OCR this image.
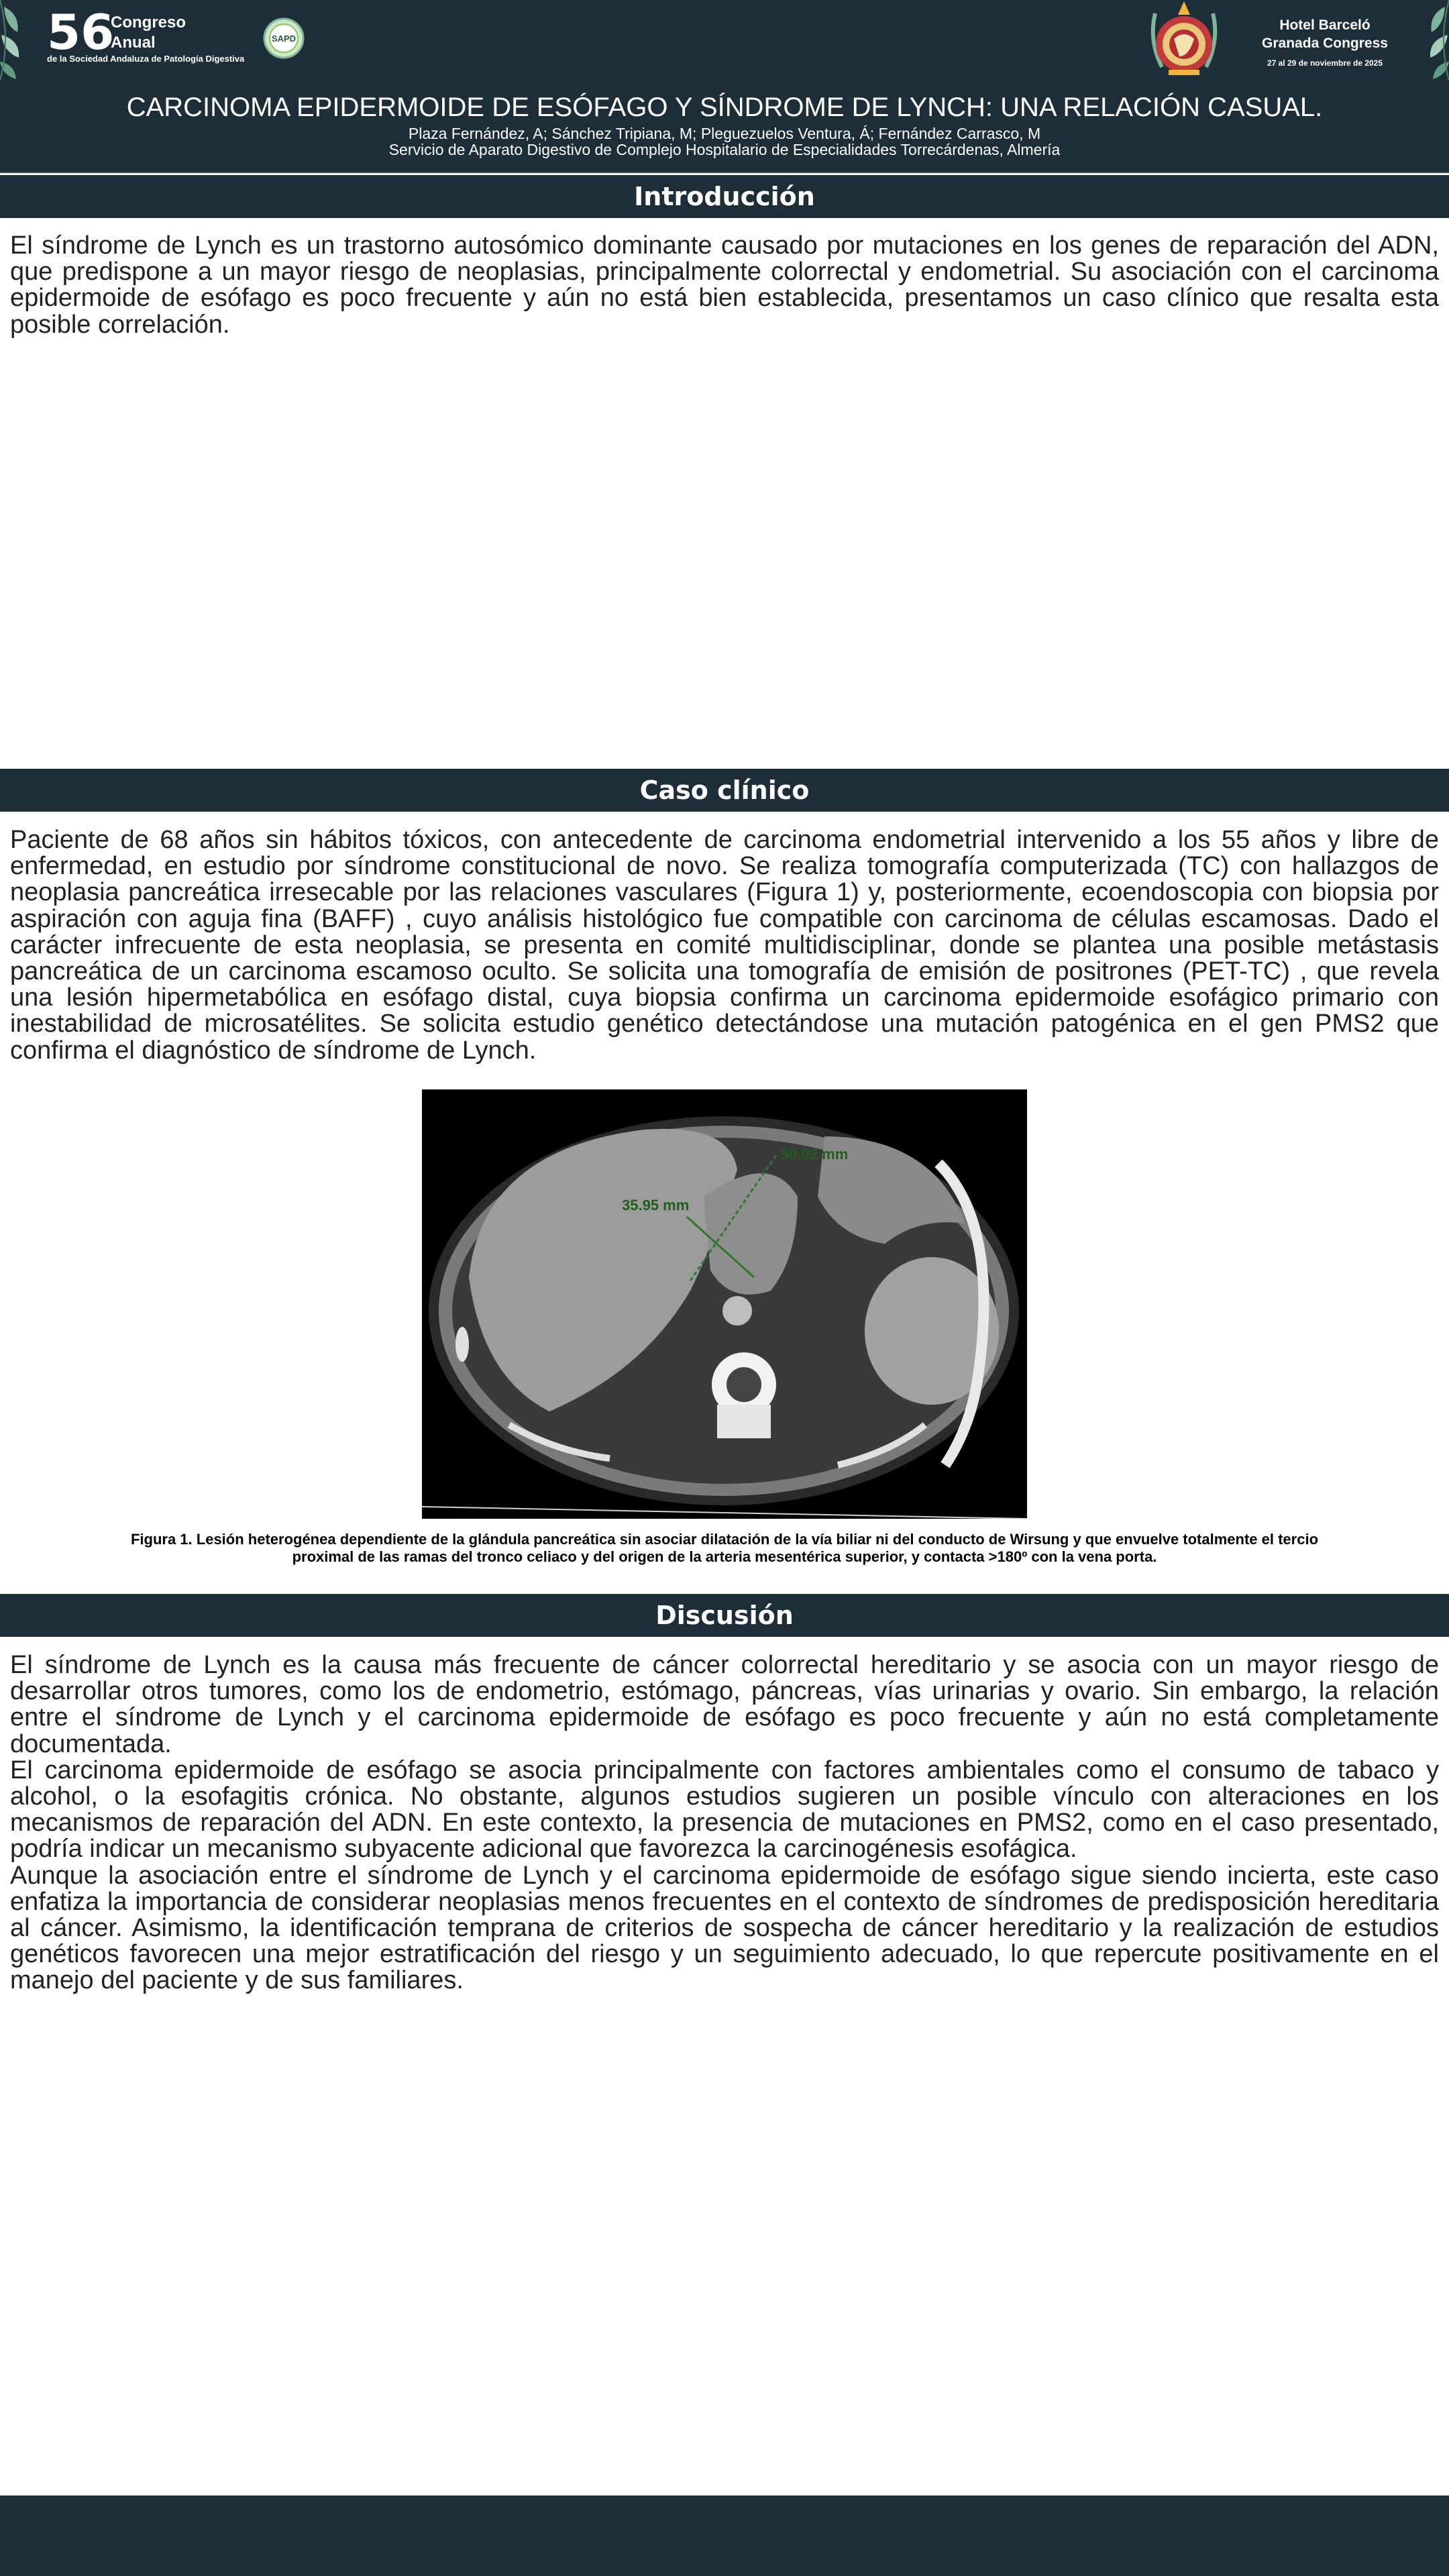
56
Congreso
Anual
de la Sociedad Andaluza de Patología Digestiva
SAPD
Hotel Barceló
Granada Congress
27 al 29 de noviembre de 2025
CARCINOMA EPIDERMOIDE DE ESÓFAGO Y SÍNDROME DE LYNCH: UNA RELACIÓN CASUAL.
Plaza Fernández, A; Sánchez Tripiana, M; Pleguezuelos Ventura, Á; Fernández Carrasco, M
Servicio de Aparato Digestivo de Complejo Hospitalario de Especialidades Torrecárdenas, Almería
Introducción

El síndrome de Lynch es un trastorno autosómico dominante causado por mutaciones en los genes de reparación del ADN, que predispone a un mayor riesgo de neoplasias, principalmente colorrectal y endometrial. Su asociación con el carcinoma epidermoide de esófago es poco frecuente y aún no está bien establecida, presentamos un caso clínico que resalta esta posible correlación.

Caso clínico

Paciente de 68 años sin hábitos tóxicos, con antecedente de carcinoma endometrial intervenido a los 55 años y libre de enfermedad, en estudio por síndrome constitucional de novo. Se realiza tomografía computerizada (TC) con hallazgos de neoplasia pancreática irresecable por las relaciones vasculares (Figura 1) y, posteriormente, ecoendoscopia con biopsia por aspiración con aguja fina (BAFF) , cuyo análisis histológico fue compatible con carcinoma de células escamosas. Dado el carácter infrecuente de esta neoplasia, se presenta en comité multidisciplinar, donde se plantea una posible metástasis pancreática de un carcinoma escamoso oculto. Se solicita una tomografía de emisión de positrones (PET-TC) , que revela una lesión hipermetabólica en esófago distal, cuya biopsia confirma un carcinoma epidermoide esofágico primario con inestabilidad de microsatélites. Se solicita estudio genético detectándose una mutación patogénica en el gen PMS2 que confirma el diagnóstico de síndrome de Lynch.

35.95 mm
50.02 mm
Figura 1. Lesión heterogénea dependiente de la glándula pancreática sin asociar dilatación de la vía biliar ni del conducto de Wirsung y que envuelve totalmente el tercio
proximal de las ramas del tronco celiaco y del origen de la arteria mesentérica superior, y contacta >180º con la vena porta.
Discusión

El síndrome de Lynch es la causa más frecuente de cáncer colorrectal hereditario y se asocia con un mayor riesgo de desarrollar otros tumores, como los de endometrio, estómago, páncreas, vías urinarias y ovario. Sin embargo, la relación entre el síndrome de Lynch y el carcinoma epidermoide de esófago es poco frecuente y aún no está completamente documentada.

El carcinoma epidermoide de esófago se asocia principalmente con factores ambientales como el consumo de tabaco y alcohol, o la esofagitis crónica. No obstante, algunos estudios sugieren un posible vínculo con alteraciones en los mecanismos de reparación del ADN. En este contexto, la presencia de mutaciones en PMS2, como en el caso presentado, podría indicar un mecanismo subyacente adicional que favorezca la carcinogénesis esofágica.

Aunque la asociación entre el síndrome de Lynch y el carcinoma epidermoide de esófago sigue siendo incierta, este caso enfatiza la importancia de considerar neoplasias menos frecuentes en el contexto de síndromes de predisposición hereditaria al cáncer. Asimismo, la identificación temprana de criterios de sospecha de cáncer hereditario y la realización de estudios genéticos favorecen una mejor estratificación del riesgo y un seguimiento adecuado, lo que repercute positivamente en el manejo del paciente y de sus familiares.
